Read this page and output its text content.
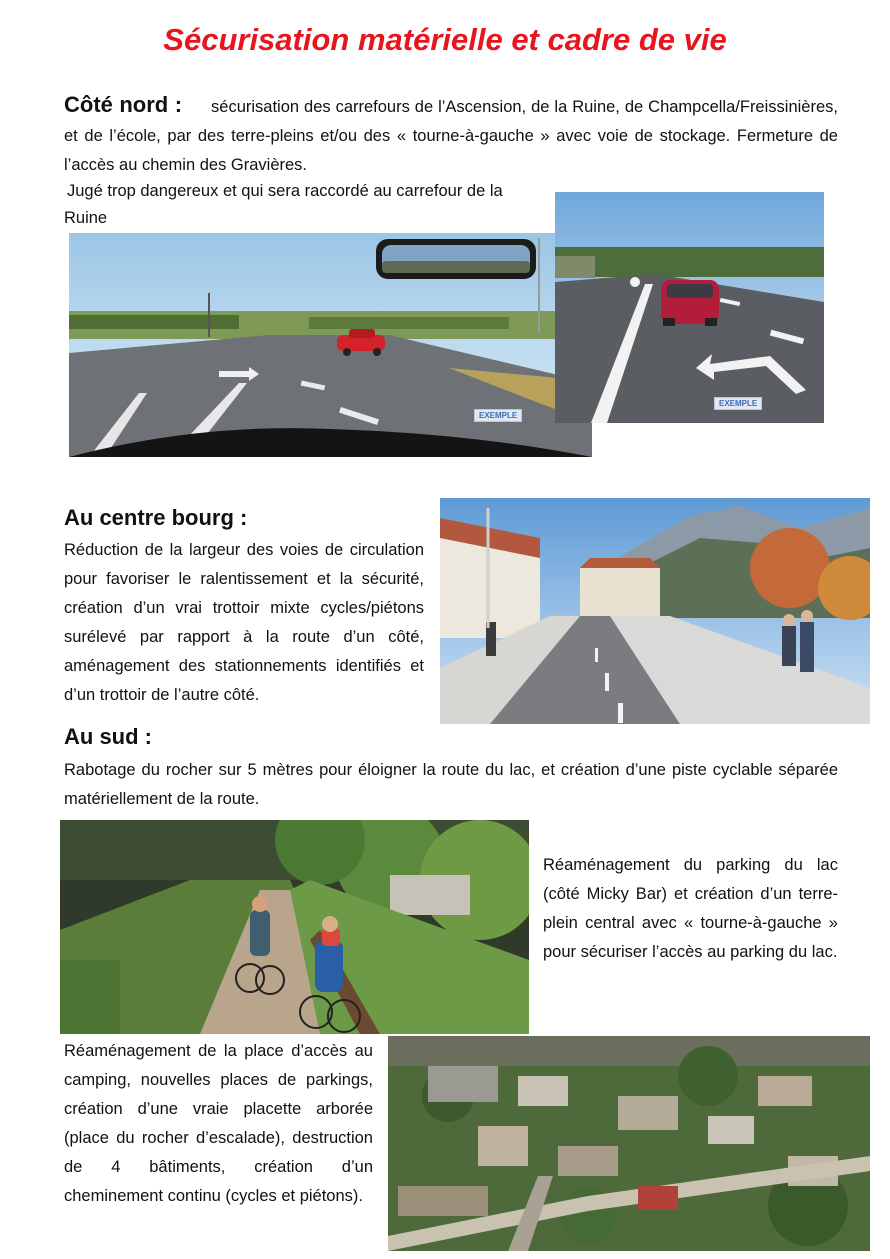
Sécurisation matérielle et cadre de vie
Côté nord : sécurisation des carrefours de l’Ascension, de la Ruine, de Champcella/Freissinières, et de l’école, par des terre-pleins et/ou des « tourne-à-gauche » avec voie de stockage. Fermeture de l’accès au chemin des Gravières.
Jugé trop dangereux et qui sera raccordé au carrefour de la Ruine
EXEMPLE
EXEMPLE
Au centre bourg :
Réduction de la largeur des voies de circulation pour favoriser le ralentissement et la sécurité, création d’un vrai trottoir mixte cycles/piétons surélevé par rapport à la route d’un côté, aménagement des stationnements identifiés et d’un trottoir de l’autre côté.
Au sud :
Rabotage du rocher sur 5 mètres pour éloigner la route du lac, et création d’une piste cyclable séparée matériellement de la route.
Réaménagement du parking du lac (côté Micky Bar) et création d’un terre-plein central avec « tourne-à-gauche » pour sécuriser l’accès au parking du lac.
Réaménagement de la place d’accès au camping, nouvelles places de parkings, création d’une vraie placette arborée (place du rocher d’escalade), destruction de 4 bâtiments, création d’un cheminement continu (cycles et piétons).
